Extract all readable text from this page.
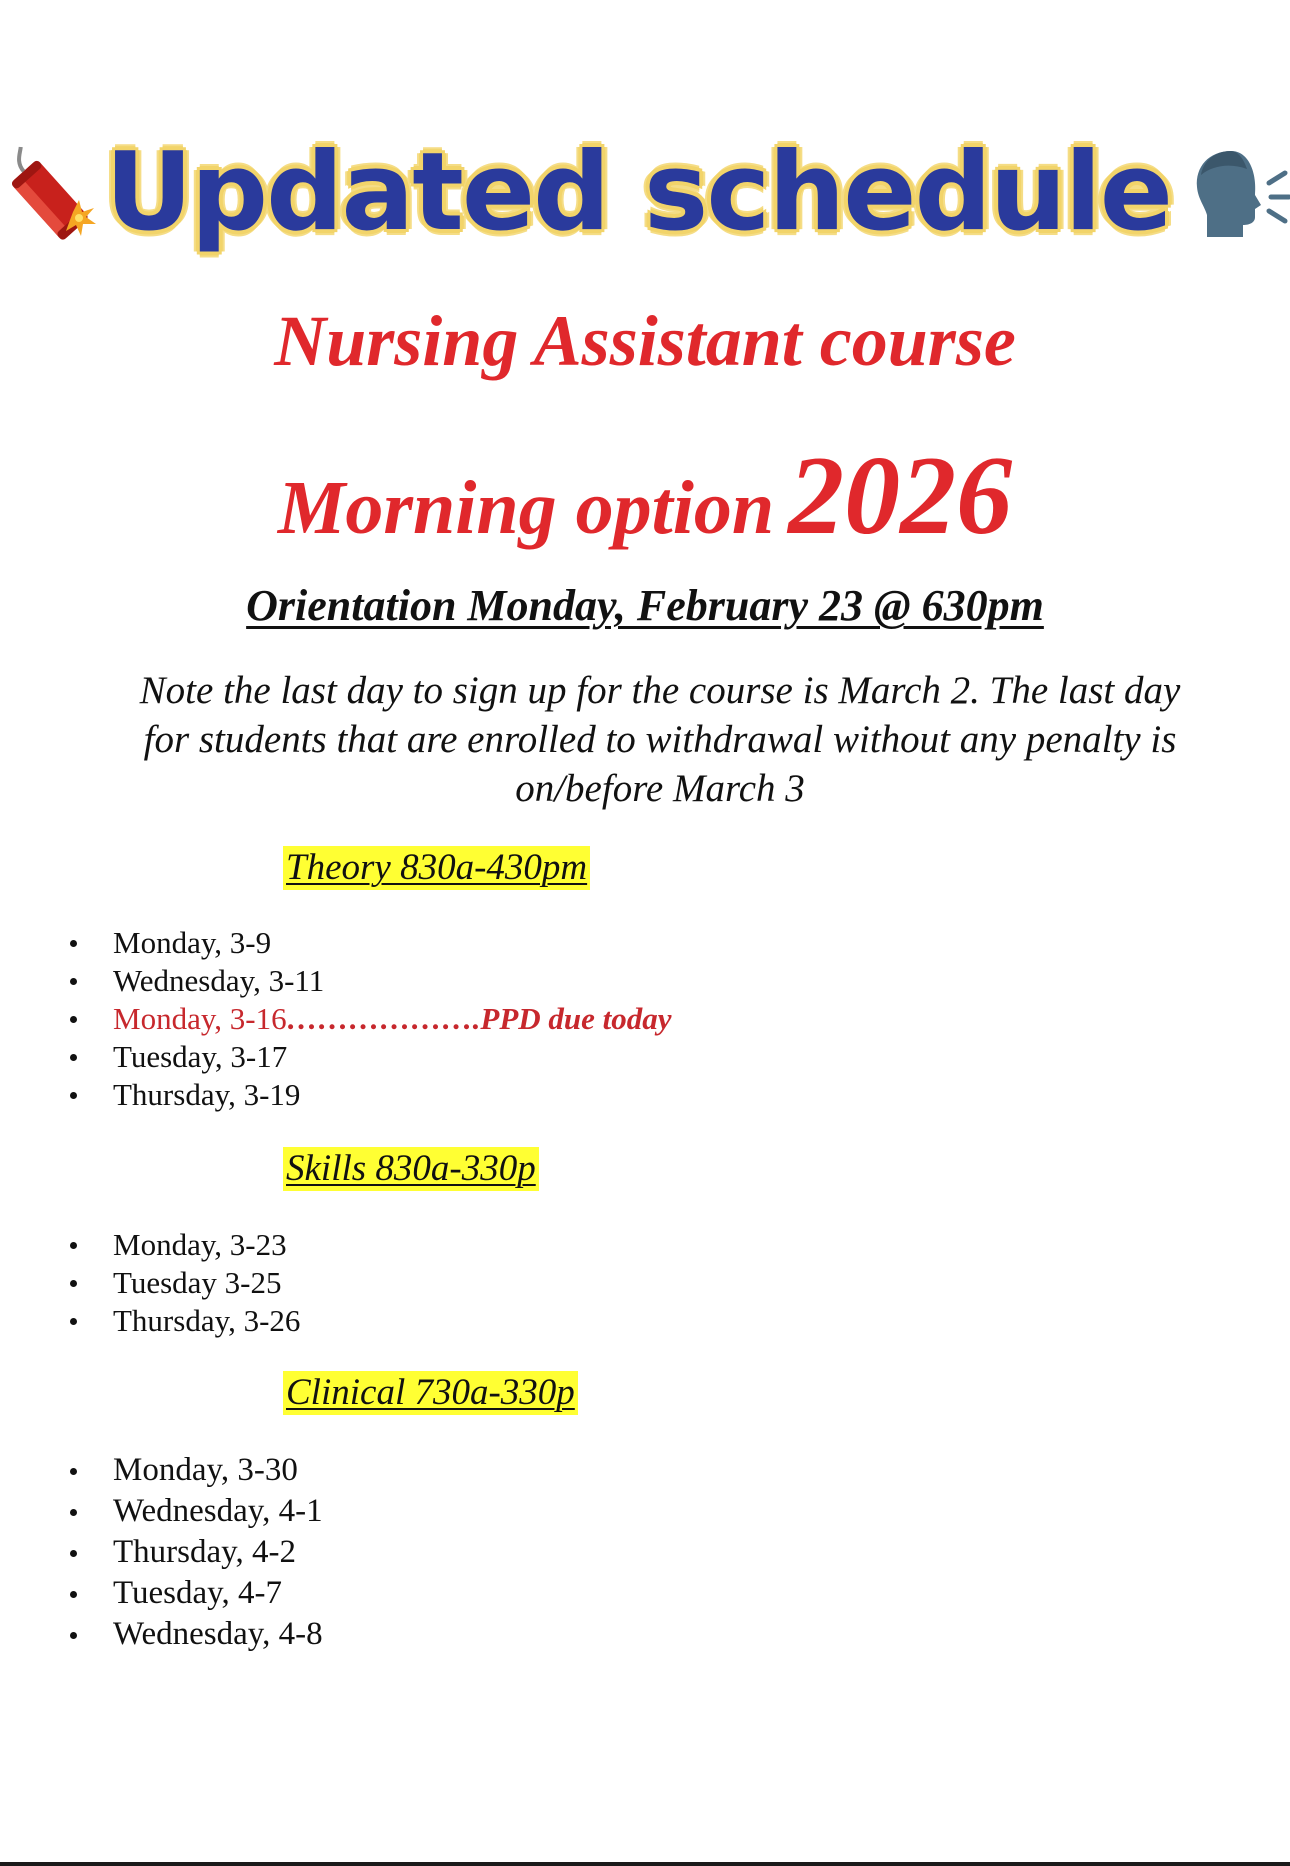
Updated schedule
Nursing Assistant course
Morning option 2026
Orientation Monday, February 23 @ 630pm
Note the last day to sign up for the course is March 2. The last day for students that are enrolled to withdrawal without any penalty is on/before March 3
Theory 830a-430pm
Monday, 3-9
Wednesday, 3-11
Monday, 3-16……………….PPD due today
Tuesday, 3-17
Thursday, 3-19
Skills 830a-330p
Monday, 3-23
Tuesday 3-25
Thursday, 3-26
Clinical 730a-330p
Monday, 3-30
Wednesday, 4-1
Thursday, 4-2
Tuesday, 4-7
Wednesday, 4-8
